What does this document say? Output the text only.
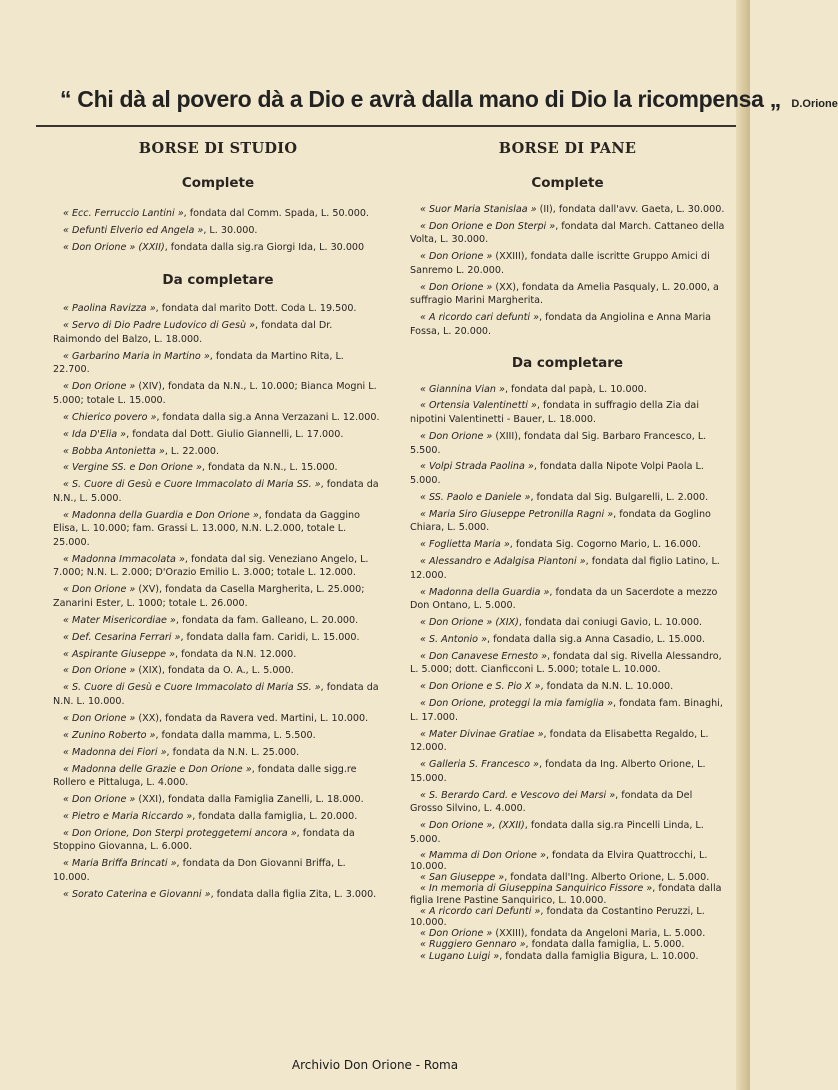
“ Chi dà al povero dà a Dio e avrà dalla mano di Dio la ricompensa „ D.Orione
BORSE DI STUDIO
Complete

« Ecc. Ferruccio Lantini », fondata dal Comm. Spada, L. 50.000.

« Defunti Elverio ed Angela », L. 30.000.

« Don Orione » (XXII), fondata dalla sig.ra Giorgi Ida, L. 30.000

Da completare

« Paolina Ravizza », fondata dal marito Dott. Coda L. 19.500.

« Servo di Dio Padre Ludovico di Gesù », fondata dal Dr. Raimondo del Balzo, L. 18.000.

« Garbarino Maria in Martino », fondata da Martino Rita, L. 22.700.

« Don Orione » (XIV), fondata da N.N., L. 10.000; Bianca Mogni L. 5.000; totale L. 15.000.

« Chierico povero », fondata dalla sig.a Anna Verzazani L. 12.000.

« Ida D'Elia », fondata dal Dott. Giulio Giannelli, L. 17.000.

« Bobba Antonietta », L. 22.000.

« Vergine SS. e Don Orione », fondata da N.N., L. 15.000.

« S. Cuore di Gesù e Cuore Immacolato di Maria SS. », fondata da N.N., L. 5.000.

« Madonna della Guardia e Don Orione », fondata da Gaggino Elisa, L. 10.000; fam. Grassi L. 13.000, N.N. L.2.000, totale L. 25.000.

« Madonna Immacolata », fondata dal sig. Veneziano Angelo, L. 7.000; N.N. L. 2.000; D'Orazio Emilio L. 3.000; totale L. 12.000.

« Don Orione » (XV), fondata da Casella Margherita, L. 25.000; Zanarini Ester, L. 1000; totale L. 26.000.

« Mater Misericordiae », fondata da fam. Galleano, L. 20.000.

« Def. Cesarina Ferrari », fondata dalla fam. Caridi, L. 15.000.

« Aspirante Giuseppe », fondata da N.N. 12.000.

« Don Orione » (XIX), fondata da O. A., L. 5.000.

« S. Cuore di Gesù e Cuore Immacolato di Maria SS. », fondata da N.N. L. 10.000.

« Don Orione » (XX), fondata da Ravera ved. Martini, L. 10.000.

« Zunino Roberto », fondata dalla mamma, L. 5.500.

« Madonna dei Fiori », fondata da N.N. L. 25.000.

« Madonna delle Grazie e Don Orione », fondata dalle sigg.re Rollero e Pittaluga, L. 4.000.

« Don Orione » (XXI), fondata dalla Famiglia Zanelli, L. 18.000.

« Pietro e Maria Riccardo », fondata dalla famiglia, L. 20.000.

« Don Orione, Don Sterpi proteggetemi ancora », fondata da Stoppino Giovanna, L. 6.000.

« Maria Briffa Brincati », fondata da Don Giovanni Briffa, L. 10.000.

« Sorato Caterina e Giovanni », fondata dalla figlia Zita, L. 3.000.

BORSE DI PANE
Complete

« Suor Maria Stanislaa » (II), fondata dall'avv. Gaeta, L. 30.000.

« Don Orione e Don Sterpi », fondata dal March. Cattaneo della Volta, L. 30.000.

« Don Orione » (XXIII), fondata dalle iscritte Gruppo Amici di Sanremo L. 20.000.

« Don Orione » (XX), fondata da Amelia Pasqualy, L. 20.000, a suffragio Marini Margherita.

« A ricordo cari defunti », fondata da Angiolina e Anna Maria Fossa, L. 20.000.

Da completare

« Giannina Vian », fondata dal papà, L. 10.000.

« Ortensia Valentinetti », fondata in suffragio della Zia dai nipotini Valentinetti - Bauer, L. 18.000.

« Don Orione » (XIII), fondata dal Sig. Barbaro Francesco, L. 5.500.

« Volpi Strada Paolina », fondata dalla Nipote Volpi Paola L. 5.000.

« SS. Paolo e Daniele », fondata dal Sig. Bulgarelli, L. 2.000.

« Maria Siro Giuseppe Petronilla Ragni », fondata da Goglino Chiara, L. 5.000.

« Foglietta Maria », fondata Sig. Cogorno Mario, L. 16.000.

« Alessandro e Adalgisa Piantoni », fondata dal figlio Latino, L. 12.000.

« Madonna della Guardia », fondata da un Sacerdote a mezzo Don Ontano, L. 5.000.

« Don Orione » (XIX), fondata dai coniugi Gavio, L. 10.000.

« S. Antonio », fondata dalla sig.a Anna Casadio, L. 15.000.

« Don Canavese Ernesto », fondata dal sig. Rivella Alessandro, L. 5.000; dott. Cianficconi L. 5.000; totale L. 10.000.

« Don Orione e S. Pio X », fondata da N.N. L. 10.000.

« Don Orione, proteggi la mia famiglia », fondata fam. Binaghi, L. 17.000.

« Mater Divinae Gratiae », fondata da Elisabetta Regaldo, L. 12.000.

« Galleria S. Francesco », fondata da Ing. Alberto Orione, L. 15.000.

« S. Berardo Card. e Vescovo dei Marsi », fondata da Del Grosso Silvino, L. 4.000.

« Don Orione », (XXII), fondata dalla sig.ra Pincelli Linda, L. 5.000.

« Mamma di Don Orione », fondata da Elvira Quattrocchi, L. 10.000.

« San Giuseppe », fondata dall'Ing. Alberto Orione, L. 5.000.

« In memoria di Giuseppina Sanquirico Fissore », fondata dalla figlia Irene Pastine Sanquirico, L. 10.000.

« A ricordo cari Defunti », fondata da Costantino Peruzzi, L. 10.000.

« Don Orione » (XXIII), fondata da Angeloni Maria, L. 5.000.

« Ruggiero Gennaro », fondata dalla famiglia, L. 5.000.

« Lugano Luigi », fondata dalla famiglia Bigura, L. 10.000.

Archivio Don Orione - Roma
